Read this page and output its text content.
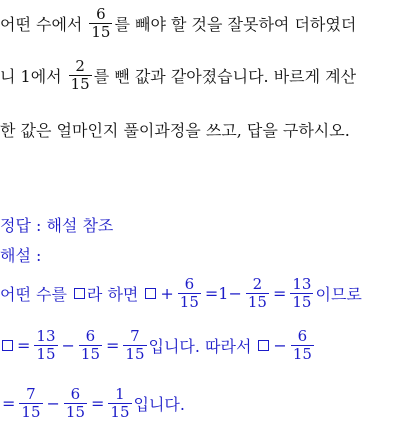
어떤 수에서 $\frac{6}{15}$ 를 빼야 할 것을 잘못하여 더하였더
니 1에서 $\frac{2}{15}$ 를 뺀 값과 같아졌습니다. 바르게 계산
한 값은 얼마인지 풀이과정을 쓰고, 답을 구하시오.
정답 : 해설 참조
해설 :
어떤 수를 라 하면 + $\frac{6}{15} =1- \frac{2}{15} = \frac{13}{15}$ 이므로
= $\frac{13}{15} - \frac{6}{15} = \frac{7}{15}$ 입니다. 따라서 − $\frac{6}{15}$
= $\frac{7}{15} - \frac{6}{15} = \frac{1}{15}$ 입니다.
